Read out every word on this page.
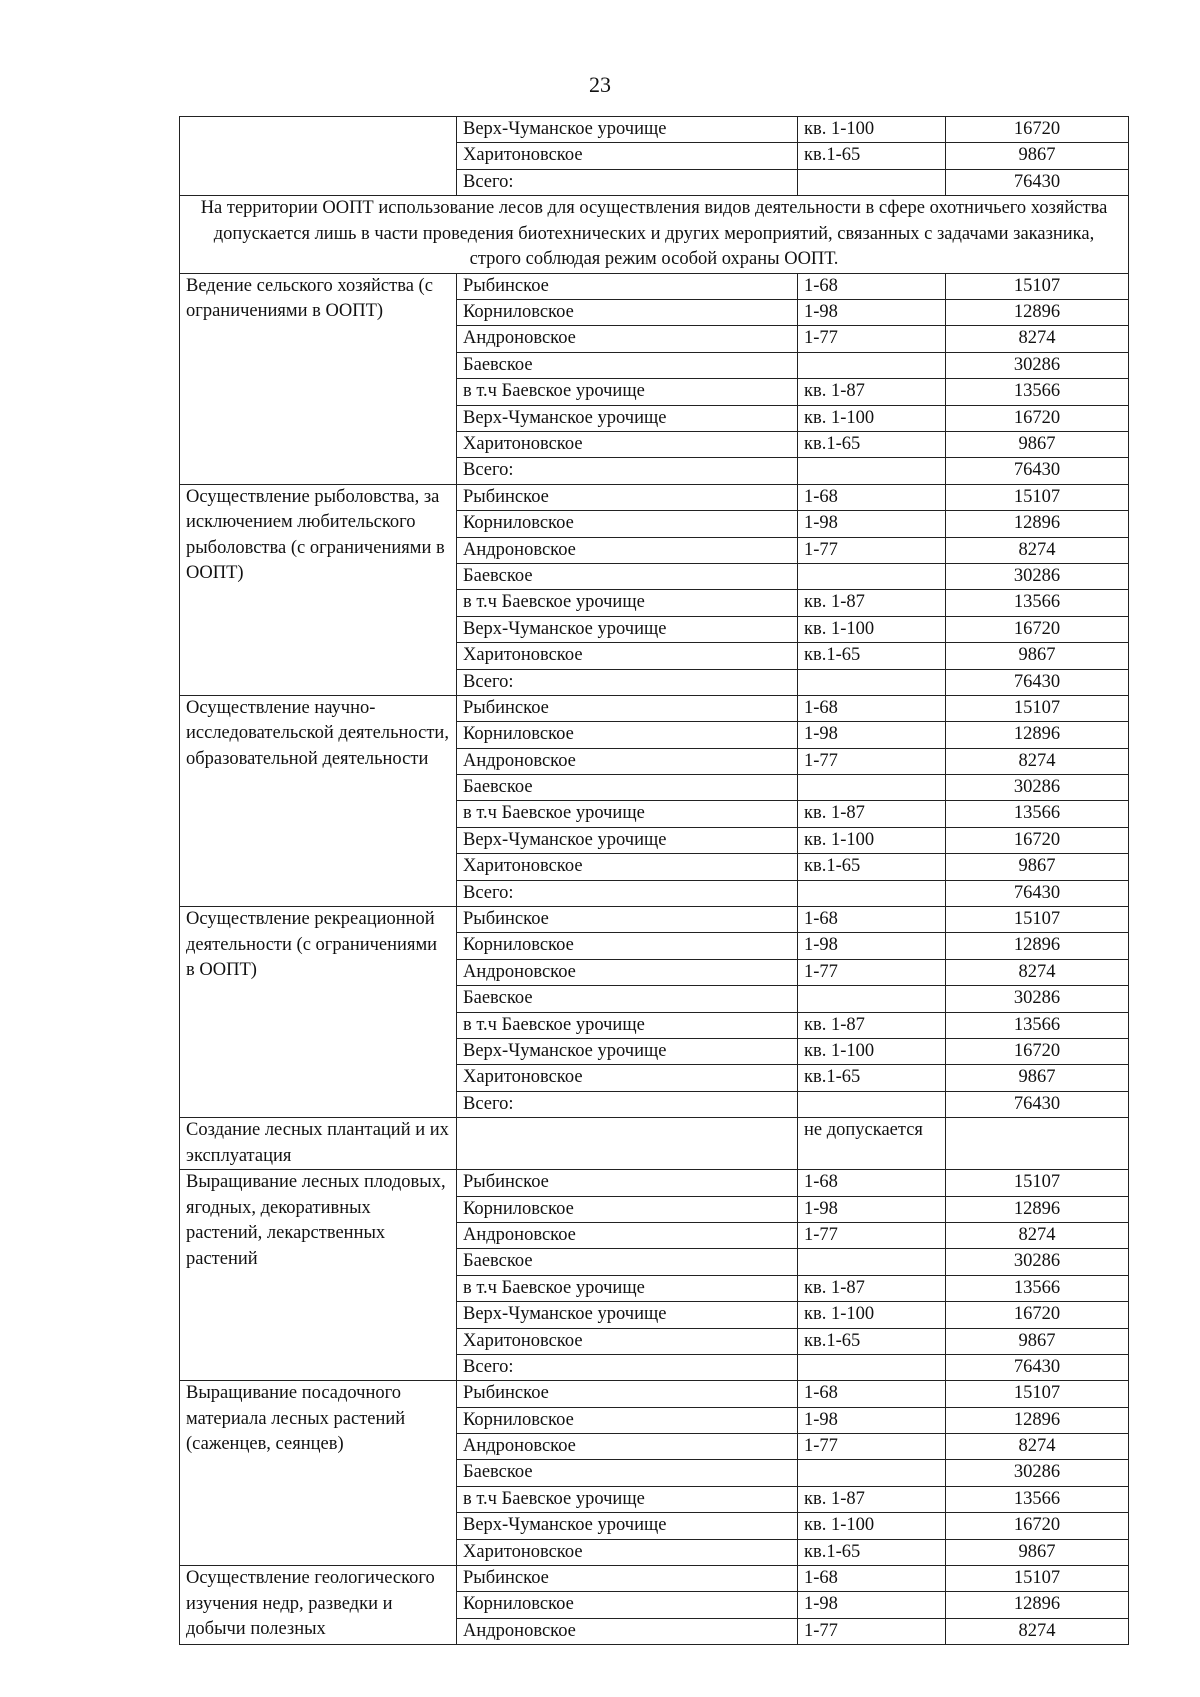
23
	Верх-Чуманское урочище	кв. 1-100	16720
	Харитоновское	кв.1-65	9867
	Всего:		76430
На территории ООПТ использование лесов для осуществления видов деятельности в сфере охотничьего хозяйства допускается лишь в части проведения биотехнических и других мероприятий, связанных с задачами заказника, строго соблюдая режим особой охраны ООПТ.			
Ведение сельского хозяйства (с ограничениями в ООПТ)	Рыбинское	1-68	15107
	Корниловское	1-98	12896
	Андроновское	1-77	8274
	Баевское		30286
	в т.ч Баевское урочище	кв. 1-87	13566
	Верх-Чуманское урочище	кв. 1-100	16720
	Харитоновское	кв.1-65	9867
	Всего:		76430
Осуществление рыболовства, за исключением любительского рыболовства (с ограничениями в ООПТ)	Рыбинское	1-68	15107
	Корниловское	1-98	12896
	Андроновское	1-77	8274
	Баевское		30286
	в т.ч Баевское урочище	кв. 1-87	13566
	Верх-Чуманское урочище	кв. 1-100	16720
	Харитоновское	кв.1-65	9867
	Всего:		76430
Осуществление научно-исследовательской деятельности, образовательной деятельности	Рыбинское	1-68	15107
	Корниловское	1-98	12896
	Андроновское	1-77	8274
	Баевское		30286
	в т.ч Баевское урочище	кв. 1-87	13566
	Верх-Чуманское урочище	кв. 1-100	16720
	Харитоновское	кв.1-65	9867
	Всего:		76430
Осуществление рекреационной деятельности (с ограничениями в ООПТ)	Рыбинское	1-68	15107
	Корниловское	1-98	12896
	Андроновское	1-77	8274
	Баевское		30286
	в т.ч Баевское урочище	кв. 1-87	13566
	Верх-Чуманское урочище	кв. 1-100	16720
	Харитоновское	кв.1-65	9867
	Всего:		76430
Создание лесных плантаций и их эксплуатация		не допускается	
Выращивание лесных плодовых, ягодных, декоративных растений, лекарственных растений	Рыбинское	1-68	15107
	Корниловское	1-98	12896
	Андроновское	1-77	8274
	Баевское		30286
	в т.ч Баевское урочище	кв. 1-87	13566
	Верх-Чуманское урочище	кв. 1-100	16720
	Харитоновское	кв.1-65	9867
	Всего:		76430
Выращивание посадочного материала лесных растений (саженцев, сеянцев)	Рыбинское	1-68	15107
	Корниловское	1-98	12896
	Андроновское	1-77	8274
	Баевское		30286
	в т.ч Баевское урочище	кв. 1-87	13566
	Верх-Чуманское урочище	кв. 1-100	16720
	Харитоновское	кв.1-65	9867
Осуществление геологического изучения недр, разведки и добычи полезных	Рыбинское	1-68	15107
	Корниловское	1-98	12896
	Андроновское	1-77	8274
